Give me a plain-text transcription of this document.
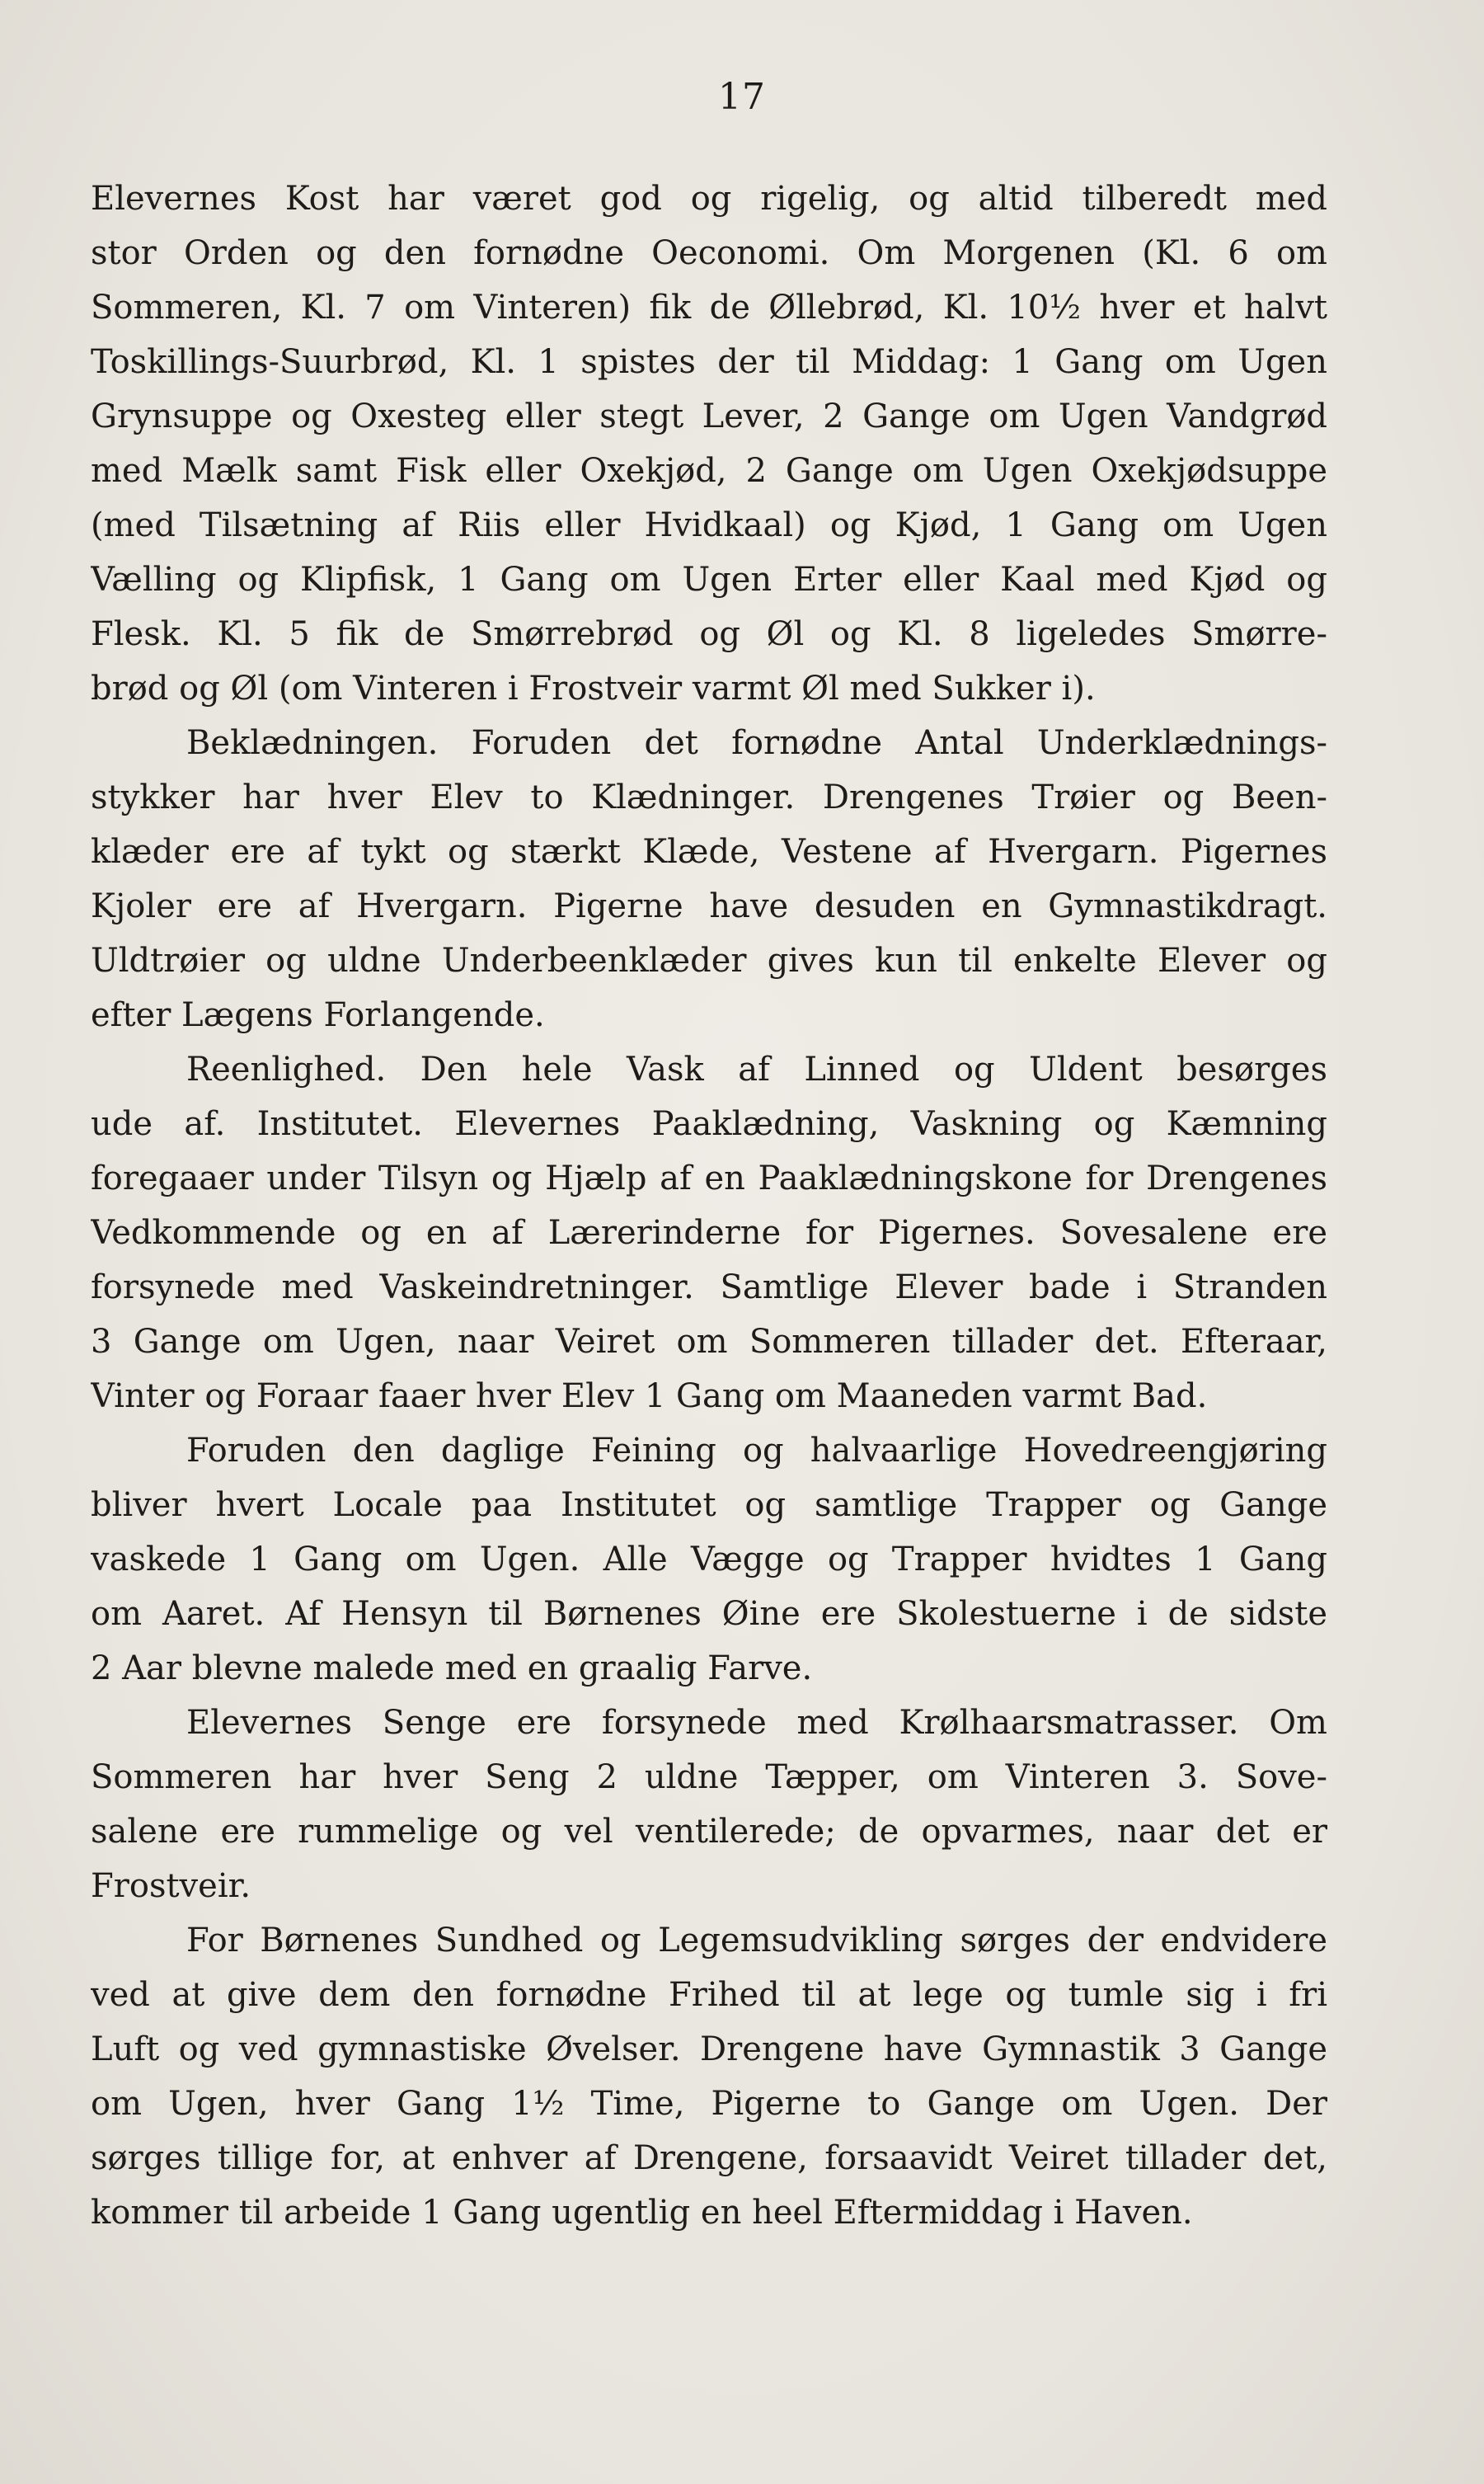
17
Elevernes Kost har været god og rigelig, og altid tilberedt med
stor Orden og den fornødne Oeconomi. Om Morgenen (Kl. 6 om
Sommeren, Kl. 7 om Vinteren) fik de Øllebrød, Kl. 10½ hver et halvt
Toskillings-Suurbrød, Kl. 1 spistes der til Middag: 1 Gang om Ugen
Grynsuppe og Oxesteg eller stegt Lever, 2 Gange om Ugen Vandgrød
med Mælk samt Fisk eller Oxekjød, 2 Gange om Ugen Oxekjødsuppe
(med Tilsætning af Riis eller Hvidkaal) og Kjød, 1 Gang om Ugen
Vælling og Klipfisk, 1 Gang om Ugen Erter eller Kaal med Kjød og
Flesk. Kl. 5 fik de Smørrebrød og Øl og Kl. 8 ligeledes Smørre-
brød og Øl (om Vinteren i Frostveir varmt Øl med Sukker i).
Beklædningen. Foruden det fornødne Antal Underklædnings-
stykker har hver Elev to Klædninger. Drengenes Trøier og Been-
klæder ere af tykt og stærkt Klæde, Vestene af Hvergarn. Pigernes
Kjoler ere af Hvergarn. Pigerne have desuden en Gymnastikdragt.
Uldtrøier og uldne Underbeenklæder gives kun til enkelte Elever og
efter Lægens Forlangende.
Reenlighed. Den hele Vask af Linned og Uldent besørges
ude af. Institutet. Elevernes Paaklædning, Vaskning og Kæmning
foregaaer under Tilsyn og Hjælp af en Paaklædningskone for Drengenes
Vedkommende og en af Lærerinderne for Pigernes. Sovesalene ere
forsynede med Vaskeindretninger. Samtlige Elever bade i Stranden
3 Gange om Ugen, naar Veiret om Sommeren tillader det. Efteraar,
Vinter og Foraar faaer hver Elev 1 Gang om Maaneden varmt Bad.
Foruden den daglige Feining og halvaarlige Hovedreengjøring
bliver hvert Locale paa Institutet og samtlige Trapper og Gange
vaskede 1 Gang om Ugen. Alle Vægge og Trapper hvidtes 1 Gang
om Aaret. Af Hensyn til Børnenes Øine ere Skolestuerne i de sidste
2 Aar blevne malede med en graalig Farve.
Elevernes Senge ere forsynede med Krølhaarsmatrasser. Om
Sommeren har hver Seng 2 uldne Tæpper, om Vinteren 3. Sove-
salene ere rummelige og vel ventilerede; de opvarmes, naar det er
Frostveir.
For Børnenes Sundhed og Legemsudvikling sørges der endvidere
ved at give dem den fornødne Frihed til at lege og tumle sig i fri
Luft og ved gymnastiske Øvelser. Drengene have Gymnastik 3 Gange
om Ugen, hver Gang 1½ Time, Pigerne to Gange om Ugen. Der
sørges tillige for, at enhver af Drengene, forsaavidt Veiret tillader det,
kommer til arbeide 1 Gang ugentlig en heel Eftermiddag i Haven.
